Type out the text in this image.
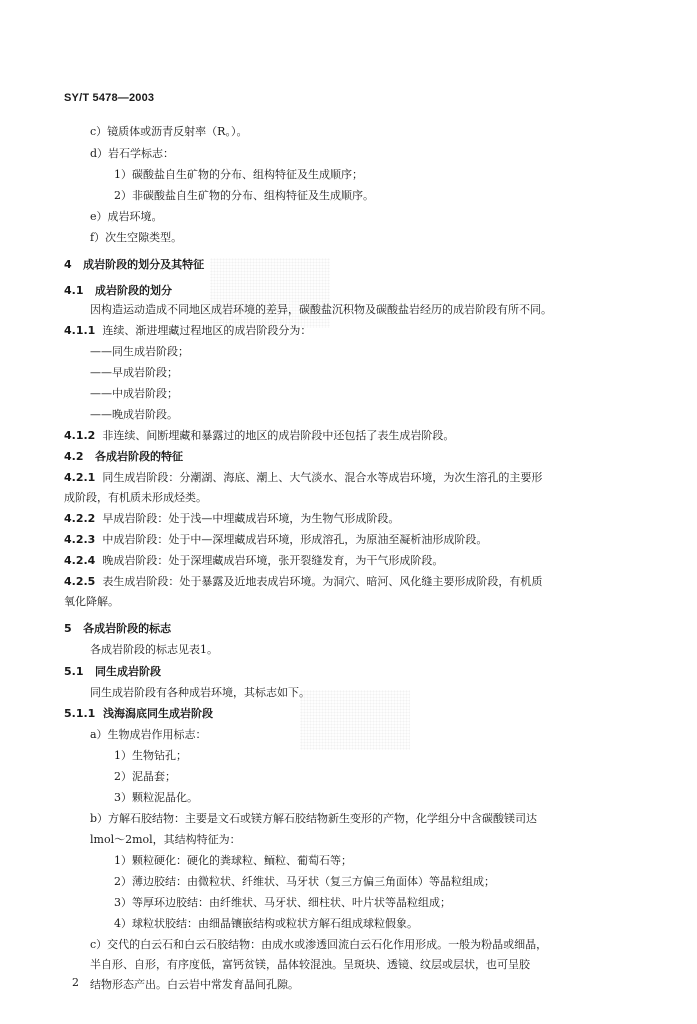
SY/T 5478—2003
c）镜质体或沥青反射率（R。）。
d）岩石学标志：
1）碳酸盐自生矿物的分布、组构特征及生成顺序；
2）非碳酸盐自生矿物的分布、组构特征及生成顺序。
e）成岩环境。
f）次生空隙类型。
4 成岩阶段的划分及其特征
4.1 成岩阶段的划分
因构造运动造成不同地区成岩环境的差异，碳酸盐沉积物及碳酸盐岩经历的成岩阶段有所不同。
4.1.1 连续、渐进埋藏过程地区的成岩阶段分为：
——同生成岩阶段；
——早成岩阶段；
——中成岩阶段；
——晚成岩阶段。
4.1.2 非连续、间断埋藏和暴露过的地区的成岩阶段中还包括了表生成岩阶段。
4.2 各成岩阶段的特征
4.2.1 同生成岩阶段：分潮湖、海底、潮上、大气淡水、混合水等成岩环境，为次生溶孔的主要形
成阶段，有机质未形成烃类。
4.2.2 早成岩阶段：处于浅—中埋藏成岩环境，为生物气形成阶段。
4.2.3 中成岩阶段：处于中—深埋藏成岩环境，形成溶孔，为原油至凝析油形成阶段。
4.2.4 晚成岩阶段：处于深埋藏成岩环境，张开裂缝发育，为干气形成阶段。
4.2.5 表生成岩阶段：处于暴露及近地表成岩环境。为洞穴、暗河、风化缝主要形成阶段，有机质
氧化降解。
5 各成岩阶段的标志
各成岩阶段的标志见表1。
5.1 同生成岩阶段
同生成岩阶段有各种成岩环境，其标志如下。
5.1.1 浅海潟底同生成岩阶段
a）生物成岩作用标志：
1）生物钻孔；
2）泥晶套；
3）颗粒泥晶化。
b）方解石胶结物：主要是文石或镁方解石胶结物新生变形的产物，化学组分中含碳酸镁司达
lmol～2mol，其结构特征为：
1）颗粒硬化：硬化的粪球粒、鲕粒、葡萄石等；
2）薄边胶结：由微粒状、纤维状、马牙状（复三方偏三角面体）等晶粒组成；
3）等厚环边胶结：由纤维状、马牙状、细柱状、叶片状等晶粒组成；
4）球粒状胶结：由细晶镶嵌结构或粒状方解石组成球粒假象。
c）交代的白云石和白云石胶结物：由成水或渗透回流白云石化作用形成。一般为粉晶或细晶，
半自形、自形，有序度低，富钙贫镁，晶体较混浊。呈斑块、透镜、纹层或层状，也可呈胶
结物形态产出。白云岩中常发育晶间孔隙。
2
